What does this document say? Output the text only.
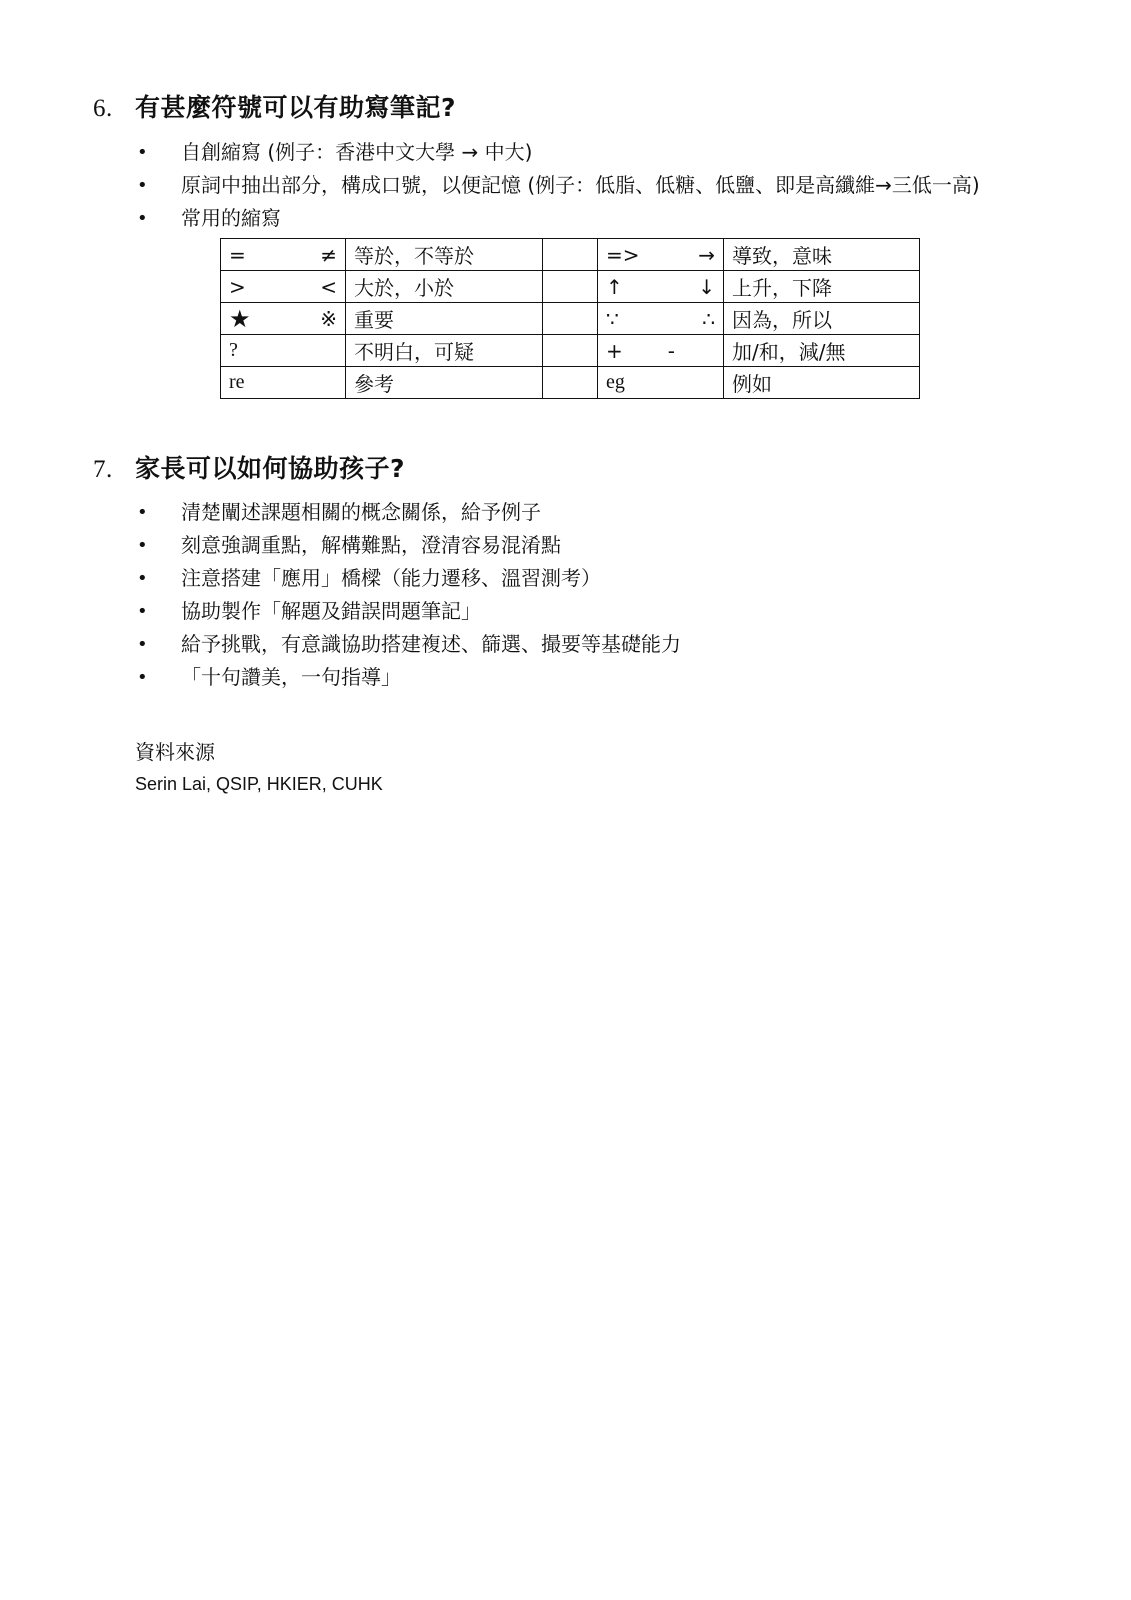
6. 有甚麼符號可以有助寫筆記?
• 自創縮寫 (例子：香港中文大學 → 中大)
• 原詞中抽出部分，構成口號，以便記憶 (例子：低脂、低糖、低鹽、即是高纖維→三低一高)
• 常用的縮寫
= ≠	等於，不等於		=> →	導致，意味

> <	大於，小於		↑ ↓	上升，下降

★ ※	重要		∵ ∴	因為，所以

?	不明白，可疑		+ -	加/和，減/無

re	參考		eg	例如
7. 家長可以如何協助孩子?
• 清楚闡述課題相關的概念關係，給予例子
• 刻意強調重點，解構難點，澄清容易混淆點
• 注意搭建「應用」橋樑（能力遷移、溫習測考）
• 協助製作「解題及錯誤問題筆記」
• 給予挑戰，有意識協助搭建複述、篩選、撮要等基礎能力
• 「十句讚美，一句指導」
資料來源
Serin Lai, QSIP, HKIER, CUHK
